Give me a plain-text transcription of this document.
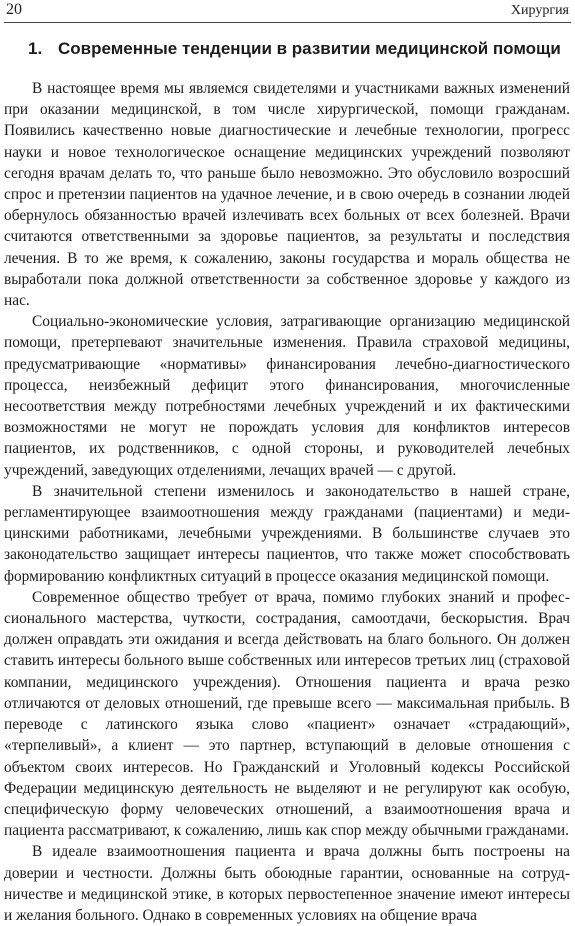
20	Хирургия
1. Современные тенденции в развитии медицинской помощи

В настоящее время мы являемся свидетелями и участниками важных изменений при оказании медицинской, в том числе хирургической, помощи гражданам. Появились качественно новые диагностические и лечебные технологии, прогресс науки и новое технологическое оснащение медицинских учреждений позволяют сегодня врачам делать то, что раньше было невозможно. Это обусловило возросший спрос и претензии пациентов на удачное лечение, и в свою очередь в сознании людей обернулось обязанностью врачей излечивать всех больных от всех болезней. Врачи считаются ответственными за здоровье пациентов, за результаты и последствия лечения. В то же время, к сожалению, законы государства и мораль общества не выработали пока должной ответственности за собственное здоровье у каждого из нас.

Социально-экономические условия, затрагивающие организацию медицинской помощи, претерпевают значительные изменения. Правила страховой медицины, предусматривающие «нормативы» финансирования лечебно-диагностического процесса, неизбежный дефицит этого финансирования, многочисленные несоответствия между потребностями лечебных учреждений и их фактическими возможностями не могут не порождать условия для конфликтов интересов пациентов, их родственников, с одной стороны, и руководителей лечебных учреждений, заведующих отделениями, лечащих врачей — с другой.

В значительной степени изменилось и законодательство в нашей стране, регламентирующее взаимоотношения между гражданами (пациентами) и медицинскими работниками, лечебными учреждениями. В большинстве случаев это законодательство защищает интересы пациентов, что также может способствовать формированию конфликтных ситуаций в процессе оказания медицинской помощи.

Современное общество требует от врача, помимо глубоких знаний и профессионального мастерства, чуткости, сострадания, самоотдачи, бескорыстия. Врач должен оправдать эти ожидания и всегда действовать на благо больного. Он должен ставить интересы больного выше собственных или интересов третьих лиц (страховой компании, медицинского учреждения). Отношения пациента и врача резко отличаются от деловых отношений, где превыше всего — максимальная прибыль. В переводе с латинского языка слово «пациент» означает «страдающий», «терпеливый», а клиент — это партнер, вступающий в деловые отношения с объектом своих интересов. Но Гражданский и Уголовный кодексы Российской Федерации медицинскую деятельность не выделяют и не регулируют как особую, специфическую форму человеческих отношений, а взаимоотношения врача и пациента рассматривают, к сожалению, лишь как спор между обычными гражданами.

В идеале взаимоотношения пациента и врача должны быть построены на доверии и честности. Должны быть обоюдные гарантии, основанные на сотрудничестве и медицинской этике, в которых первостепенное значение имеют интересы и желания больного. Однако в современных условиях на общение врача
